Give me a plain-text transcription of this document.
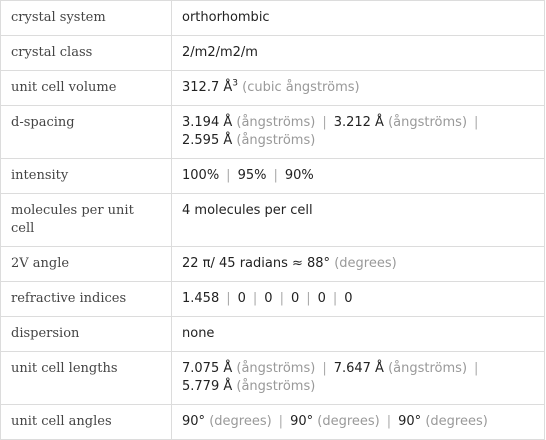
crystal system	orthorhombic
crystal class	2/m2/m2/m
unit cell volume	312.7 $Å^3$ (cubic ångströms)
d-spacing	3.194 Å (ångströms) | 3.212 Å (ångströms) |
2.595 Å (ångströms)
intensity	100% | 95% | 90%
molecules per unit cell	4 molecules per cell
2V angle	22 π/ 45 radians ≈ 88° (degrees)
refractive indices	1.458 | 0 | 0 | 0 | 0 | 0
dispersion	none
unit cell lengths	7.075 Å (ångströms) | 7.647 Å (ångströms) |
5.779 Å (ångströms)
unit cell angles	90° (degrees) | 90° (degrees) | 90° (degrees)
